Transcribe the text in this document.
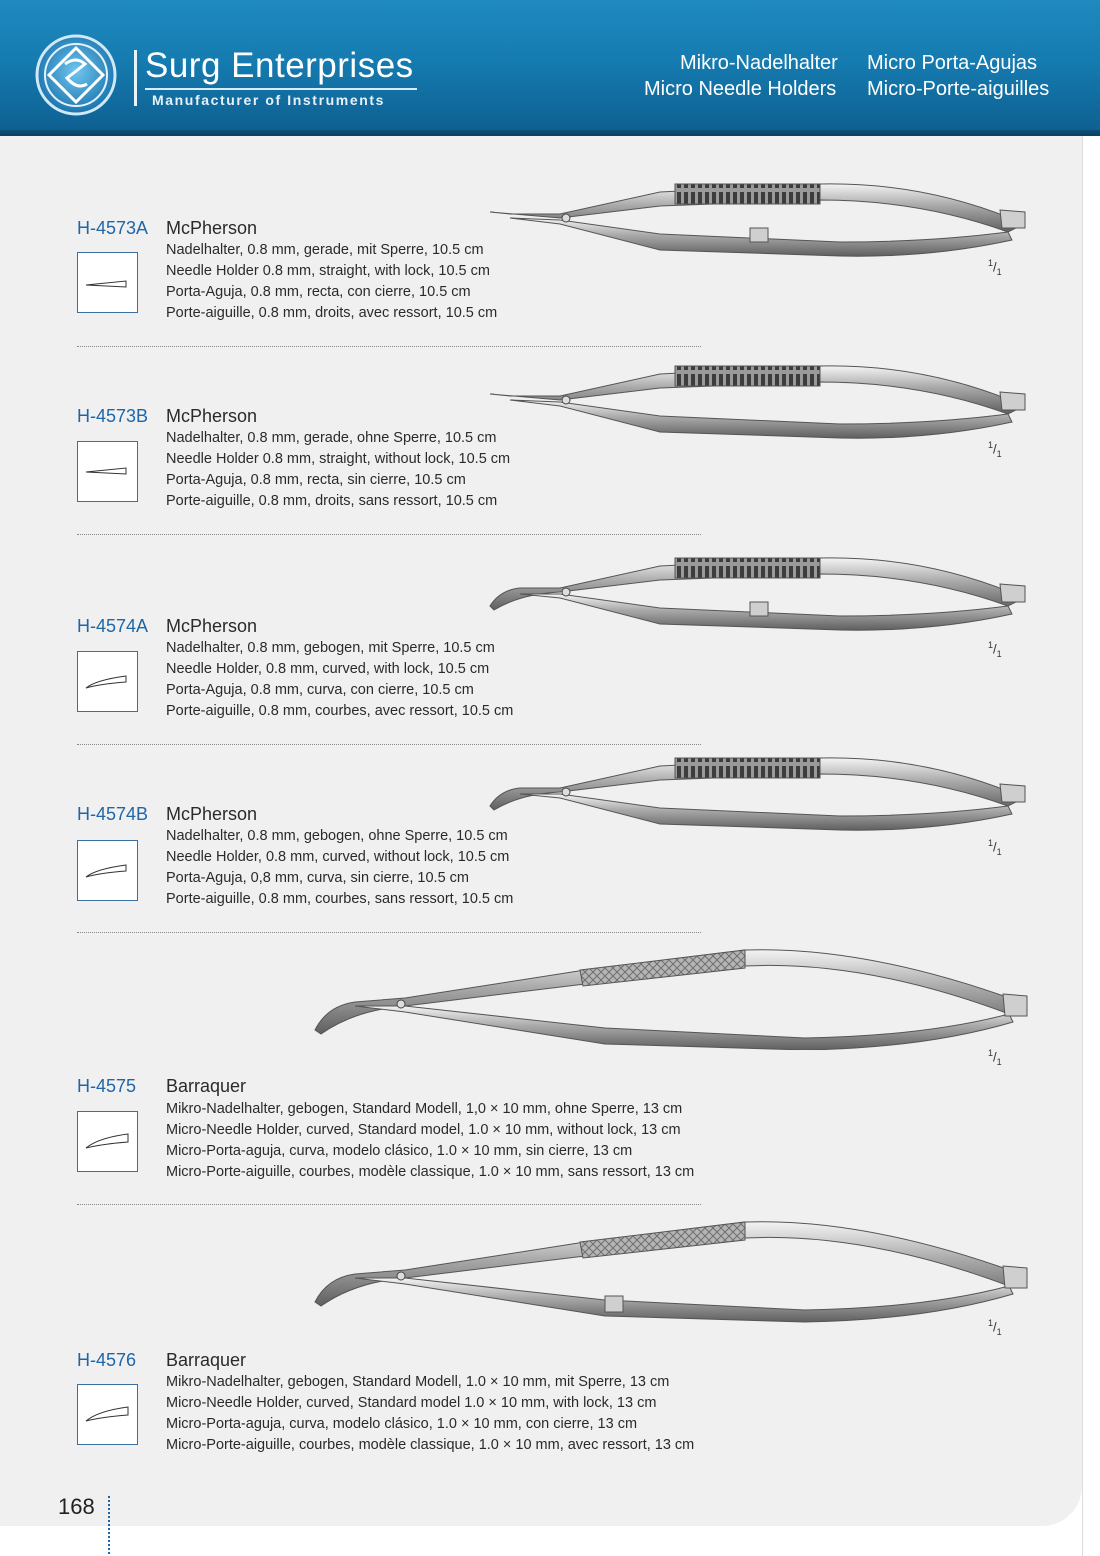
Surg Enterprises
Manufacturer of Instruments
Mikro-Nadelhalter Micro Porta-Agujas
Micro Needle Holders Micro-Porte-aiguilles
H-4573A McPherson
Nadelhalter, 0.8 mm, gerade, mit Sperre, 10.5 cm
Needle Holder 0.8 mm, straight, with lock, 10.5 cm
Porta-Aguja, 0.8 mm, recta, con cierre, 10.5 cm
Porte-aiguille, 0.8 mm, droits, avec ressort, 10.5 cm
$^1/_1$
H-4573B McPherson
Nadelhalter, 0.8 mm, gerade, ohne Sperre, 10.5 cm
Needle Holder 0.8 mm, straight, without lock, 10.5 cm
Porta-Aguja, 0.8 mm, recta, sin cierre, 10.5 cm
Porte-aiguille, 0.8 mm, droits, sans ressort, 10.5 cm
$^1/_1$
H-4574A McPherson
Nadelhalter, 0.8 mm, gebogen, mit Sperre, 10.5 cm
Needle Holder, 0.8 mm, curved, with lock, 10.5 cm
Porta-Aguja, 0.8 mm, curva, con cierre, 10.5 cm
Porte-aiguille, 0.8 mm, courbes, avec ressort, 10.5 cm
$^1/_1$
H-4574B McPherson
Nadelhalter, 0.8 mm, gebogen, ohne Sperre, 10.5 cm
Needle Holder, 0.8 mm, curved, without lock, 10.5 cm
Porta-Aguja, 0,8 mm, curva, sin cierre, 10.5 cm
Porte-aiguille, 0.8 mm, courbes, sans ressort, 10.5 cm
$^1/_1$
H-4575 Barraquer
Mikro-Nadelhalter, gebogen, Standard Modell, 1,0 × 10 mm, ohne Sperre, 13 cm
Micro-Needle Holder, curved, Standard model, 1.0 × 10 mm, without lock, 13 cm
Micro-Porta-aguja, curva, modelo clásico, 1.0 × 10 mm, sin cierre, 13 cm
Micro-Porte-aiguille, courbes, modèle classique, 1.0 × 10 mm, sans ressort, 13 cm
$^1/_1$
H-4576 Barraquer
Mikro-Nadelhalter, gebogen, Standard Modell, 1.0 × 10 mm, mit Sperre, 13 cm
Micro-Needle Holder, curved, Standard model 1.0 × 10 mm, with lock, 13 cm
Micro-Porta-aguja, curva, modelo clásico, 1.0 × 10 mm, con cierre, 13 cm
Micro-Porte-aiguille, courbes, modèle classique, 1.0 × 10 mm, avec ressort, 13 cm
$^1/_1$
168
